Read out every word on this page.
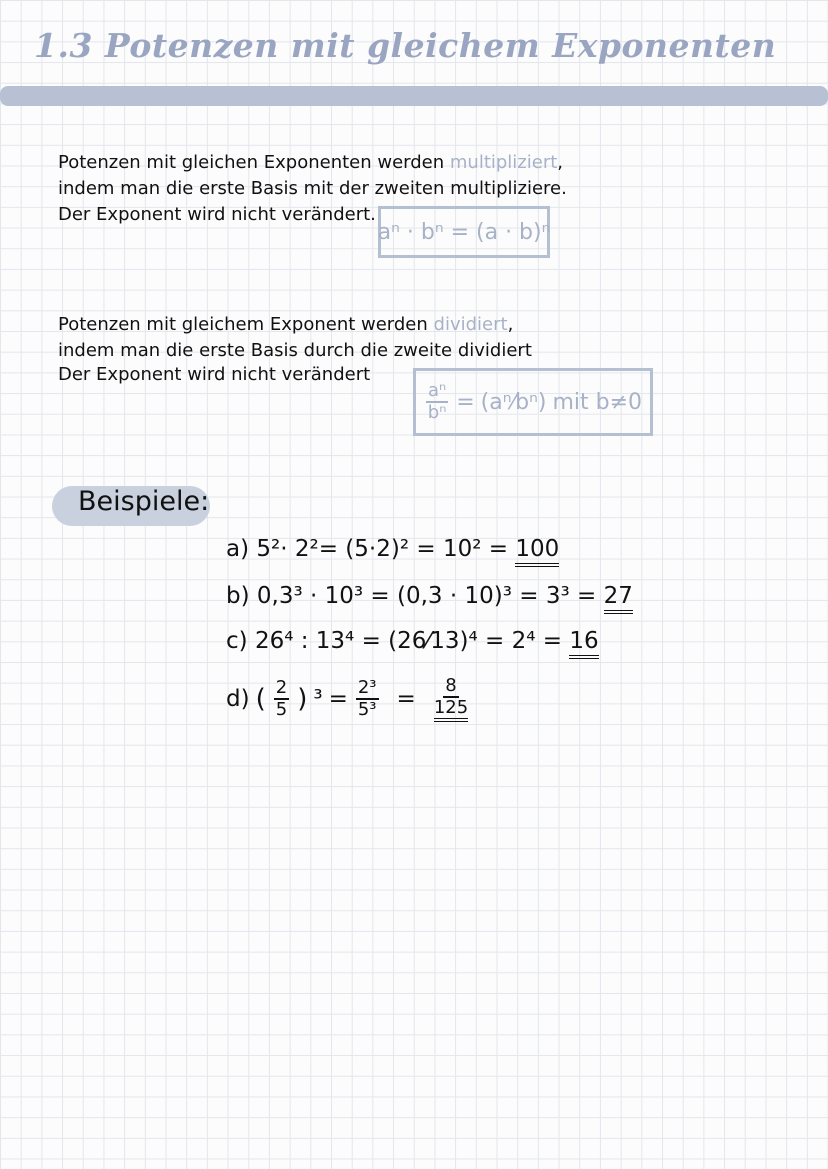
1.3 Potenzen mit gleichem Exponenten
Potenzen mit gleichen Exponenten werden multipliziert,
indem man die erste Basis mit der zweiten multipliziere.
Der Exponent wird nicht verändert.
aⁿ · bⁿ = (a · b)ⁿ
Potenzen mit gleichem Exponent werden dividiert,
indem man die erste Basis durch die zweite dividiert
Der Exponent wird nicht verändert
$\frac{\text{aⁿ}}{\text{bⁿ}}$ = (aⁿ⁄bⁿ) mit b≠0
Beispiele:
a) 5²· 2²= (5·2)² = 10² = 100
b) 0,3³ · 10³ = (0,3 · 10)³ = 3³ = 27
c) 26⁴ : 13⁴ = (26⁄13)⁴ = 2⁴ = 16
d) ( $\frac{2}{5}$ ) $^3 = \frac{\text{2³}}{\text{5³}} = \frac{8}{125}$
